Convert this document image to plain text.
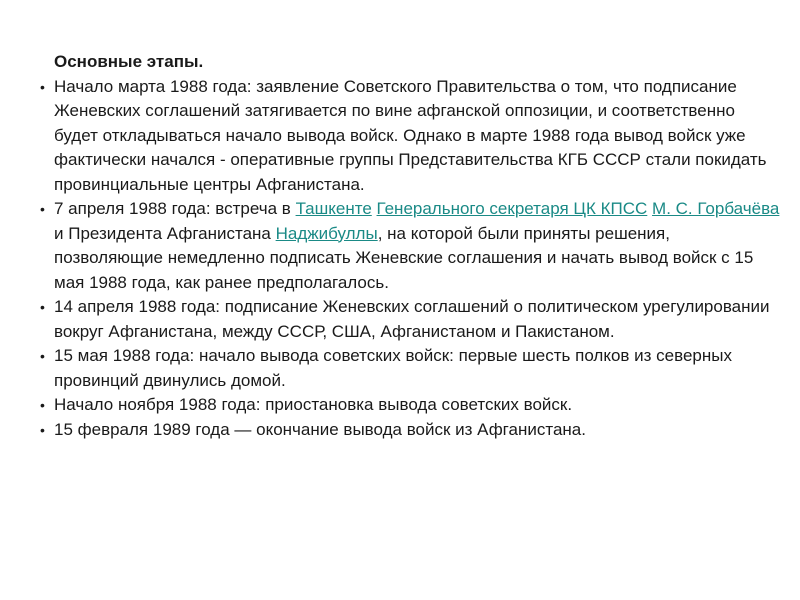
Основные этапы.
• Начало марта 1988 года: заявление Советского Правительства о том, что подписание Женевских соглашений затягивается по вине афганской оппозиции, и соответственно будет откладываться начало вывода войск. Однако в марте 1988 года вывод войск уже фактически начался - оперативные группы Представительства КГБ СССР стали покидать провинциальные центры Афганистана.
• 7 апреля 1988 года: встреча в Ташкенте Генерального секретаря ЦК КПСС М. С. Горбачёва и Президента Афганистана Наджибуллы, на которой были приняты решения, позволяющие немедленно подписать Женевские соглашения и начать вывод войск с 15 мая 1988 года, как ранее предполагалось.
• 14 апреля 1988 года: подписание Женевских соглашений о политическом урегулировании вокруг Афганистана, между СССР, США, Афганистаном и Пакистаном.
• 15 мая 1988 года: начало вывода советских войск: первые шесть полков из северных провинций двинулись домой.
• Начало ноября 1988 года: приостановка вывода советских войск.
• 15 февраля 1989 года — окончание вывода войск из Афганистана.
